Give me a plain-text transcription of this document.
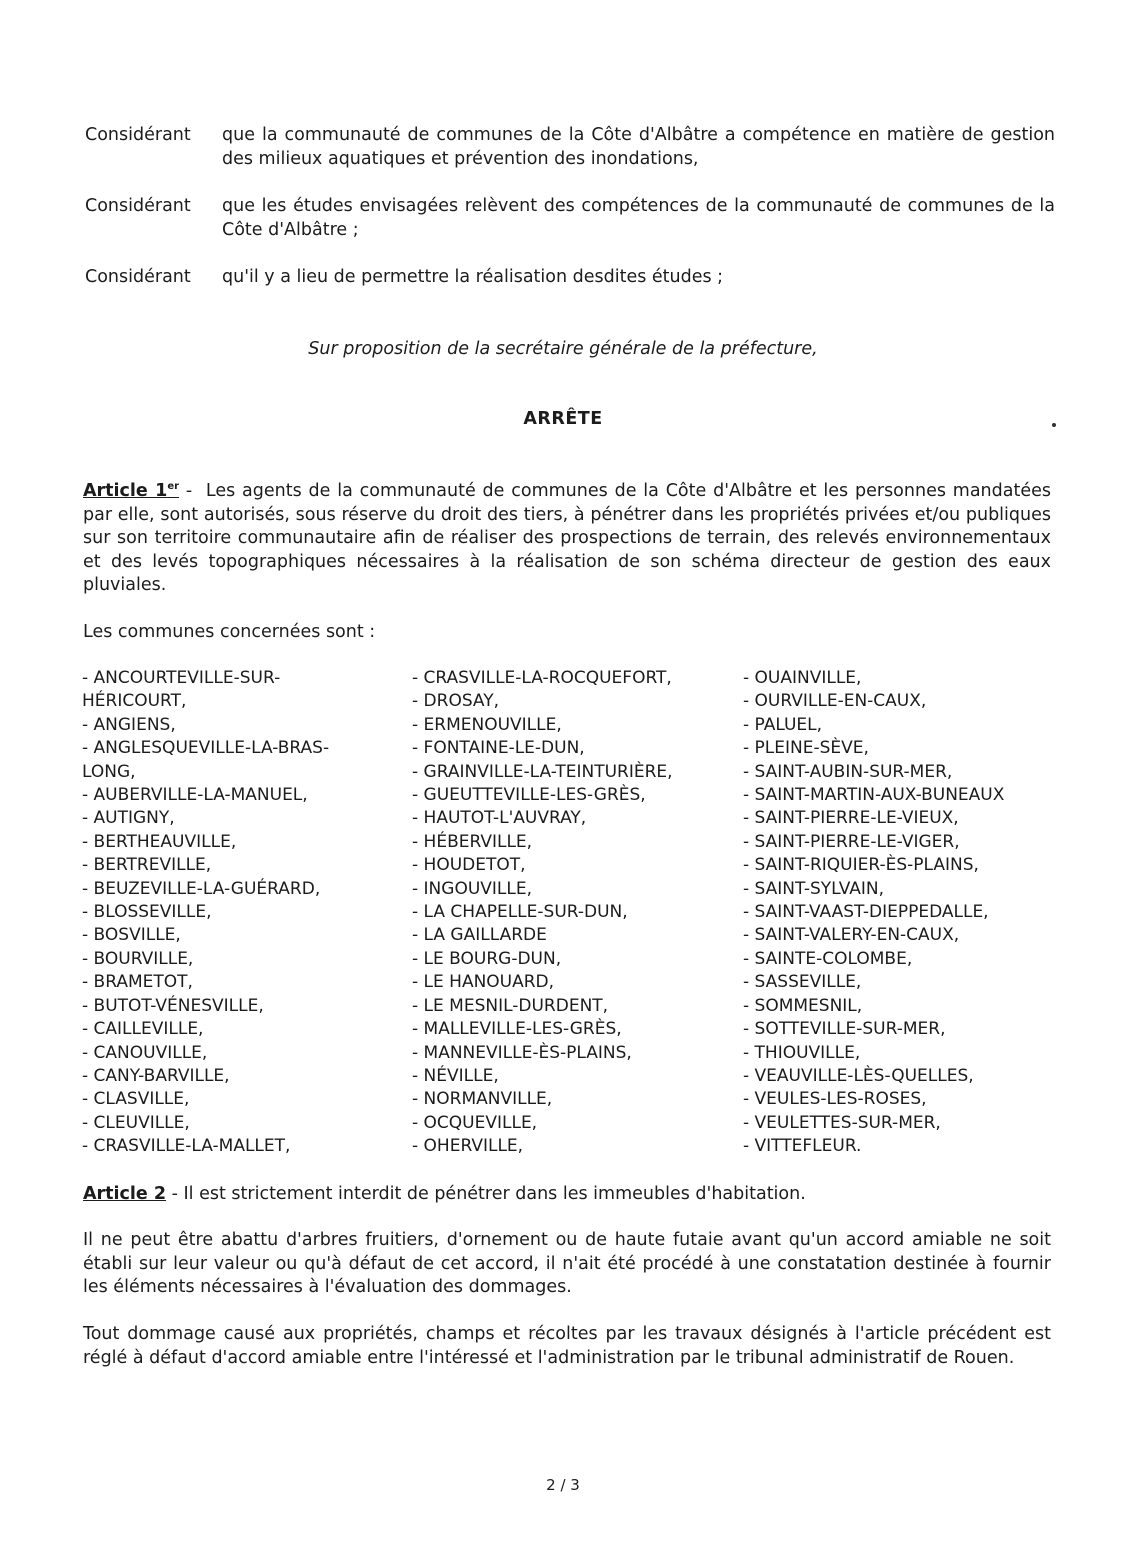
Considérant	que la communauté de communes de la Côte d'Albâtre a compétence en matière de gestion des milieux aquatiques et prévention des inondations,
Considérant	que les études envisagées relèvent des compétences de la communauté de communes de la Côte d'Albâtre ;
Considérant	qu'il y a lieu de permettre la réalisation desdites études ;
Sur proposition de la secrétaire générale de la préfecture,
ARRÊTE
Article 1er -  Les agents de la communauté de communes de la Côte d'Albâtre et les personnes mandatées par elle, sont autorisés, sous réserve du droit des tiers, à pénétrer dans les propriétés privées et/ou publiques sur son territoire communautaire afin de réaliser des prospections de terrain, des relevés environnementaux et des levés topographiques nécessaires à la réalisation de son schéma directeur de gestion des eaux pluviales.
Les communes concernées sont :
- ANCOURTEVILLE-SUR-
HÉRICOURT,
- ANGIENS,
- ANGLESQUEVILLE-LA-BRAS-
LONG,
- AUBERVILLE-LA-MANUEL,
- AUTIGNY,
- BERTHEAUVILLE,
- BERTREVILLE,
- BEUZEVILLE-LA-GUÉRARD,
- BLOSSEVILLE,
- BOSVILLE,
- BOURVILLE,
- BRAMETOT,
- BUTOT-VÉNESVILLE,
- CAILLEVILLE,
- CANOUVILLE,
- CANY-BARVILLE,
- CLASVILLE,
- CLEUVILLE,
- CRASVILLE-LA-MALLET,
- CRASVILLE-LA-ROCQUEFORT,
- DROSAY,
- ERMENOUVILLE,
- FONTAINE-LE-DUN,
- GRAINVILLE-LA-TEINTURIÈRE,
- GUEUTTEVILLE-LES-GRÈS,
- HAUTOT-L'AUVRAY,
- HÉBERVILLE,
- HOUDETOT,
- INGOUVILLE,
- LA CHAPELLE-SUR-DUN,
- LA GAILLARDE
- LE BOURG-DUN,
- LE HANOUARD,
- LE MESNIL-DURDENT,
- MALLEVILLE-LES-GRÈS,
- MANNEVILLE-ÈS-PLAINS,
- NÉVILLE,
- NORMANVILLE,
- OCQUEVILLE,
- OHERVILLE,
- OUAINVILLE,
- OURVILLE-EN-CAUX,
- PALUEL,
- PLEINE-SÈVE,
- SAINT-AUBIN-SUR-MER,
- SAINT-MARTIN-AUX-BUNEAUX
- SAINT-PIERRE-LE-VIEUX,
- SAINT-PIERRE-LE-VIGER,
- SAINT-RIQUIER-ÈS-PLAINS,
- SAINT-SYLVAIN,
- SAINT-VAAST-DIEPPEDALLE,
- SAINT-VALERY-EN-CAUX,
- SAINTE-COLOMBE,
- SASSEVILLE,
- SOMMESNIL,
- SOTTEVILLE-SUR-MER,
- THIOUVILLE,
- VEAUVILLE-LÈS-QUELLES,
- VEULES-LES-ROSES,
- VEULETTES-SUR-MER,
- VITTEFLEUR.
Article 2 - Il est strictement interdit de pénétrer dans les immeubles d'habitation.
Il ne peut être abattu d'arbres fruitiers, d'ornement ou de haute futaie avant qu'un accord amiable ne soit établi sur leur valeur ou qu'à défaut de cet accord, il n'ait été procédé à une constatation destinée à fournir les éléments nécessaires à l'évaluation des dommages.
Tout dommage causé aux propriétés, champs et récoltes par les travaux désignés à l'article précédent est réglé à défaut d'accord amiable entre l'intéressé et l'administration par le tribunal administratif de Rouen.
2 / 3
